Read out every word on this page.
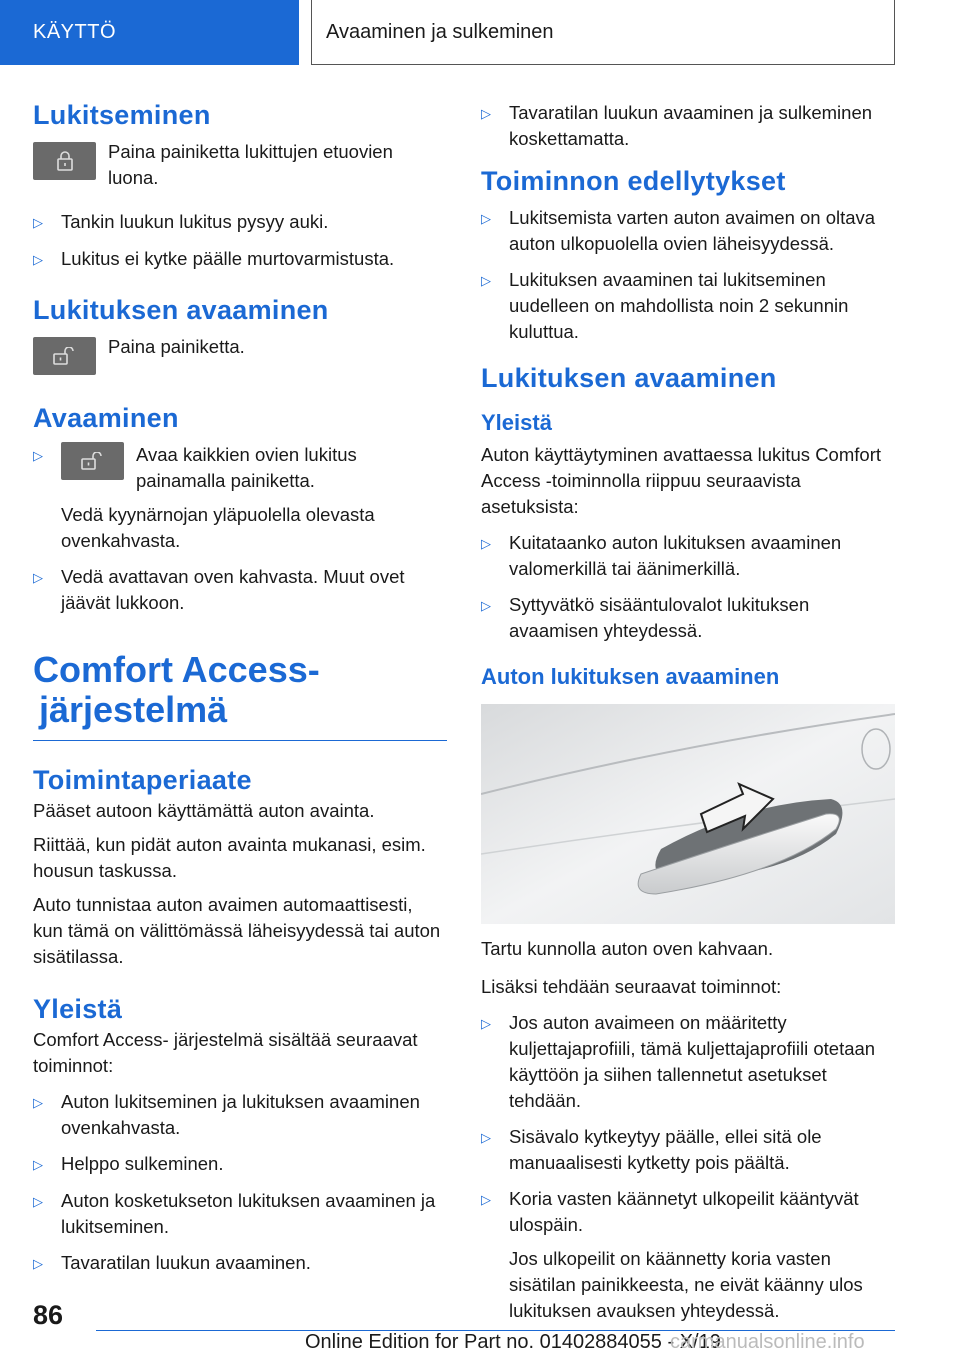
KÄYTTÖ	Avaaminen ja sulkeminen
Lukitseminen

Paina painiketta lukittujen etuovien luona.

▷ Tankin luukun lukitus pysyy auki.
▷ Lukitus ei kytke päälle murtovarmistusta.
Lukituksen avaaminen

Paina painiketta.

Avaaminen
▷	Avaa kaikkien ovien lukitus painamalla painiketta.

Vedä kyynärnojan yläpuolella olevasta ovenkahvasta.

▷ Vedä avattavan oven kahvasta. Muut ovet jäävät lukkoon.
Comfort Access-
järjestelmä
Toimintaperiaate

Pääset autoon käyttämättä auton avainta.

Riittää, kun pidät auton avainta mukanasi, esim. housun taskussa.

Auto tunnistaa auton avaimen automaattisesti, kun tämä on välittömässä läheisyydessä tai auton sisätilassa.

Yleistä

Comfort Access- järjestelmä sisältää seuraavat toiminnot:

▷ Auton lukitseminen ja lukituksen avaaminen ovenkahvasta.
▷ Helppo sulkeminen.
▷ Auton kosketukseton lukituksen avaaminen ja lukitseminen.
▷ Tavaratilan luukun avaaminen.
▷ Tavaratilan luukun avaaminen ja sulkeminen koskettamatta.
Toiminnon edellytykset
▷ Lukitsemista varten auton avaimen on oltava auton ulkopuolella ovien läheisyydessä.
▷ Lukituksen avaaminen tai lukitseminen uudelleen on mahdollista noin 2 sekunnin kuluttua.
Lukituksen avaaminen
Yleistä

Auton käyttäytyminen avattaessa lukitus Comfort Access -toiminnolla riippuu seuraavista asetuksista:

▷ Kuitataanko auton lukituksen avaaminen valomerkillä tai äänimerkillä.
▷ Syttyvätkö sisääntulovalot lukituksen avaamisen yhteydessä.
Auton lukituksen avaaminen

Tartu kunnolla auton oven kahvaan.

Lisäksi tehdään seuraavat toiminnot:

▷ Jos auton avaimeen on määritetty kuljettajaprofiili, tämä kuljettajaprofiili otetaan käyttöön ja siihen tallennetut asetukset tehdään.
▷ Sisävalo kytkeytyy päälle, ellei sitä ole manuaalisesti kytketty pois päältä.
▷ Koria vasten käännetyt ulkopeilit kääntyvät ulospäin.
Jos ulkopeilit on käännetty koria vasten sisätilan painikkeesta, ne eivät käänny ulos lukituksen avauksen yhteydessä.
86
Online Edition for Part no. 01402884055 - X/19
carmanualsonline.info
